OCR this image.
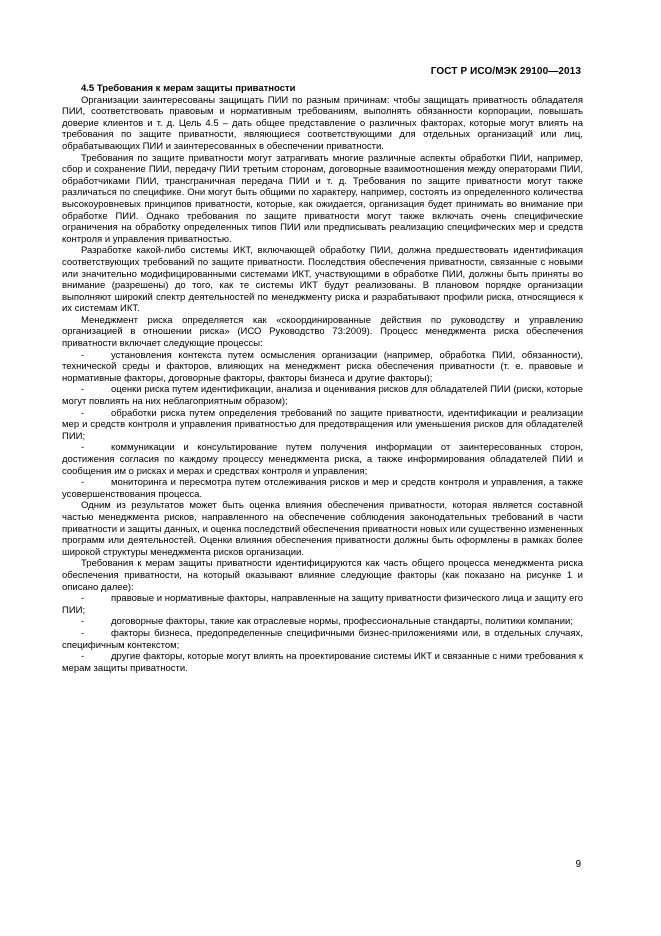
ГОСТ Р ИСО/МЭК 29100—2013
4.5 Требования к мерам защиты приватности

Организации заинтересованы защищать ПИИ по разным причинам: чтобы защищать приватность обладателя ПИИ, соответствовать правовым и нормативным требованиям, выполнять обязанности корпорации, повышать доверие клиентов и т. д. Цель 4.5 – дать общее представление о различных факторах, которые могут влиять на требования по защите приватности, являющиеся соответствующими для отдельных организаций или лиц, обрабатывающих ПИИ и заинтересованных в обеспечении приватности.

Требования по защите приватности могут затрагивать многие различные аспекты обработки ПИИ, например, сбор и сохранение ПИИ, передачу ПИИ третьим сторонам, договорные взаимоотношения между операторами ПИИ, обработчиками ПИИ, трансграничная передача ПИИ и т. д. Требования по защите приватности могут также различаться по специфике. Они могут быть общими по характеру, например, состоять из определенного количества высокоуровневых принципов приватности, которые, как ожидается, организация будет принимать во внимание при обработке ПИИ. Однако требования по защите приватности могут также включать очень специфические ограничения на обработку определенных типов ПИИ или предписывать реализацию специфических мер и средств контроля и управления приватностью.

Разработке какой-либо системы ИКТ, включающей обработку ПИИ, должна предшествовать идентификация соответствующих требований по защите приватности. Последствия обеспечения приватности, связанные с новыми или значительно модифицированными системами ИКТ, участвующими в обработке ПИИ, должны быть приняты во внимание (разрешены) до того, как те системы ИКТ будут реализованы. В плановом порядке организации выполняют широкий спектр деятельностей по менеджменту риска и разрабатывают профили риска, относящиеся к их системам ИКТ.

Менеджмент риска определяется как «скоординированные действия по руководству и управлению организацией в отношении риска» (ИСО Руководство 73:2009). Процесс менеджмента риска обеспечения приватности включает следующие процессы:

-	установления контекста путем осмысления организации (например, обработка ПИИ, обязанности), технической среды и факторов, влияющих на менеджмент риска обеспечения приватности (т. е. правовые и нормативные факторы, договорные факторы, факторы бизнеса и другие факторы);

-	оценки риска путем идентификации, анализа и оценивания рисков для обладателей ПИИ (риски, которые могут повлиять на них неблагоприятным образом);

-	обработки риска путем определения требований по защите приватности, идентификации и реализации мер и средств контроля и управления приватностью для предотвращения или уменьшения рисков для обладателей ПИИ;

-	коммуникации и консультирование путем получения информации от заинтересованных сторон, достижения согласия по каждому процессу менеджмента риска, а также информирования обладателей ПИИ и сообщения им о рисках и мерах и средствах контроля и управления;

-	мониторинга и пересмотра путем отслеживания рисков и мер и средств контроля и управления, а также усовершенствования процесса.

Одним из результатов может быть оценка влияния обеспечения приватности, которая является составной частью менеджмента рисков, направленного на обеспечение соблюдения законодательных требований в части приватности и защиты данных, и оценка последствий обеспечения приватности новых или существенно измененных программ или деятельностей. Оценки влияния обеспечения приватности должны быть оформлены в рамках более широкой структуры менеджмента рисков организации.

Требования к мерам защиты приватности идентифицируются как часть общего процесса менеджмента риска обеспечения приватности, на который оказывают влияние следующие факторы (как показано на рисунке 1 и описано далее):

-	правовые и нормативные факторы, направленные на защиту приватности физического лица и защиту его ПИИ;

-	договорные факторы, такие как отраслевые нормы, профессиональные стандарты, политики компании;

-	факторы бизнеса, предопределенные специфичными бизнес-приложениями или, в отдельных случаях, специфичным контекстом;

-	другие факторы, которые могут влиять на проектирование системы ИКТ и связанные с ними требования к мерам защиты приватности.

9
